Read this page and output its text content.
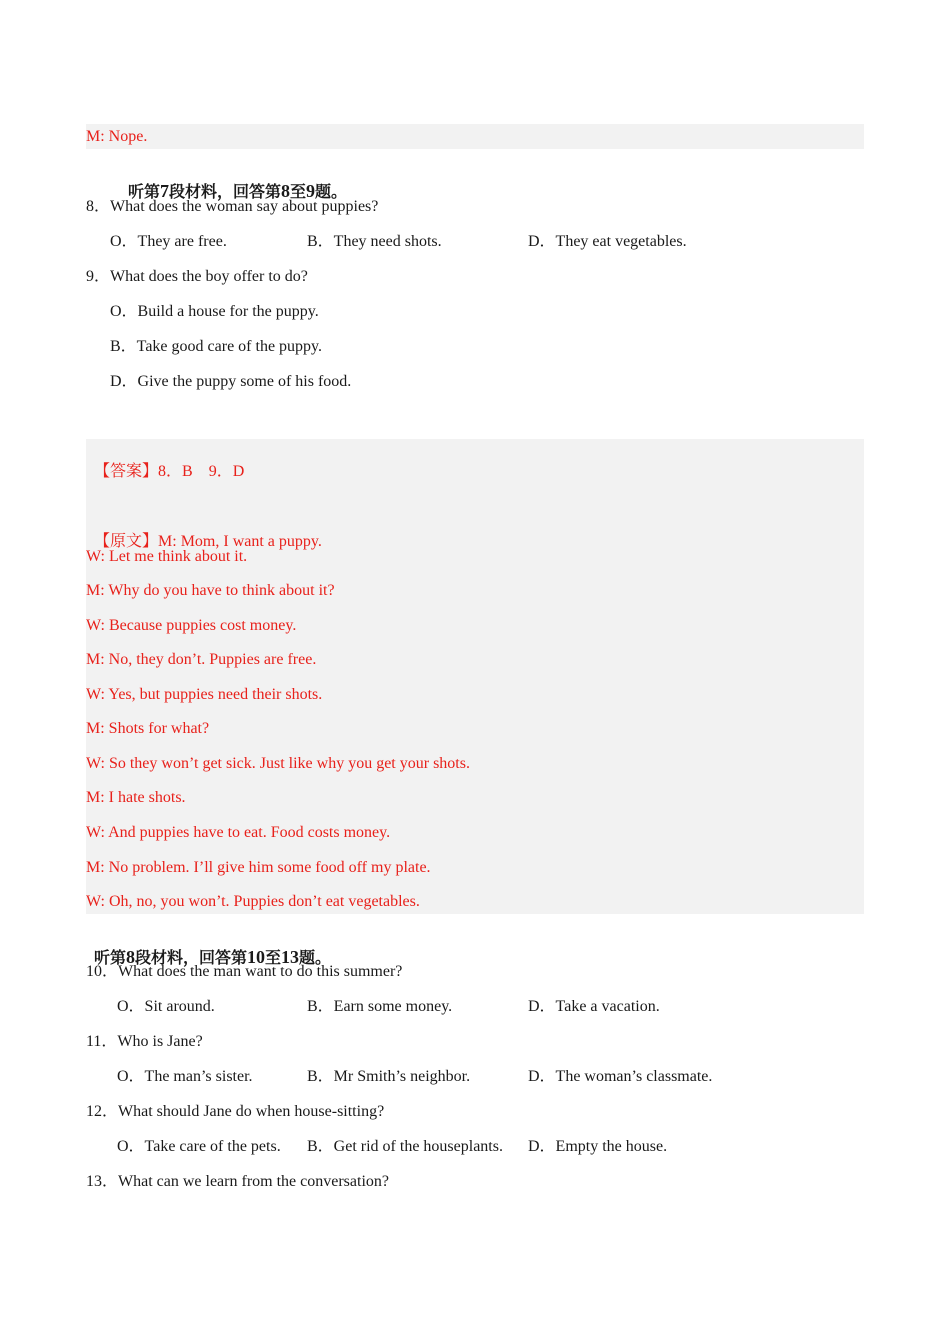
M: Nope.

听第7段材料，回答第8至9题。

8．What does the woman say about puppies?
O．They are free.	B．They need shots.	D．They eat vegetables.
9．What does the boy offer to do?
O．Build a house for the puppy.
B．Take good care of the puppy.
D．Give the puppy some of his food.

【答案】8．B　9．D

【原文】M: Mom, I want a puppy.

W: Let me think about it.
M: Why do you have to think about it?
W: Because puppies cost money.
M: No, they don’t. Puppies are free.
W: Yes, but puppies need their shots.
M: Shots for what?
W: So they won’t get sick. Just like why you get your shots.
M: I hate shots.
W: And puppies have to eat. Food costs money.
M: No problem. I’ll give him some food off my plate.
W: Oh, no, you won’t. Puppies don’t eat vegetables.

听第8段材料，回答第10至13题。

10．What does the man want to do this summer?
O．Sit around.	B．Earn some money.	D．Take a vacation.
11．Who is Jane?
O．The man’s sister.	B．Mr Smith’s neighbor.	D．The woman’s classmate.
12．What should Jane do when house-sitting?
O．Take care of the pets. B．Get rid of the houseplants. D．Empty the house.
13．What can we learn from the conversation?
